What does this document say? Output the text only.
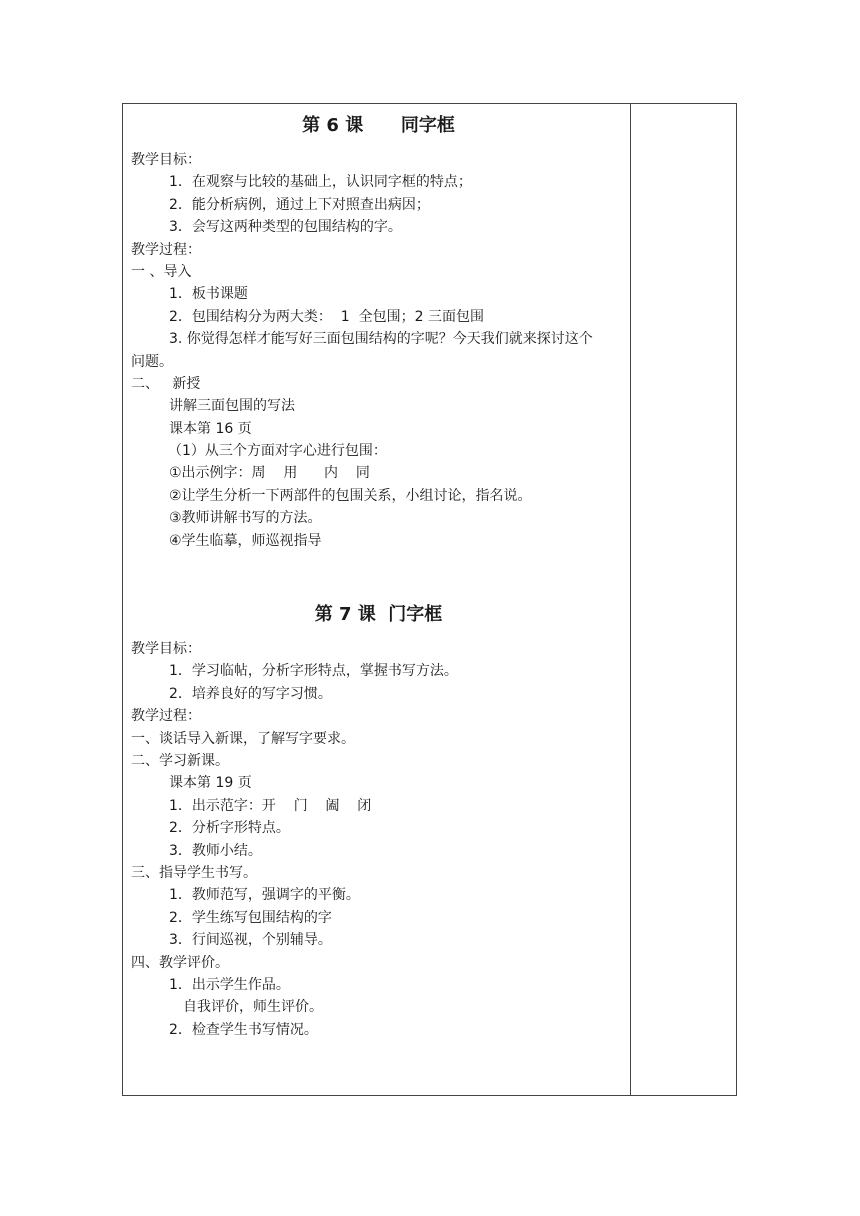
第 6 课      同字框
教学目标：
1．在观察与比较的基础上，认识同字框的特点；
2．能分析病例，通过上下对照查出病因；
3．会写这两种类型的包围结构的字。
教学过程：
一 、导入
1．板书课题
2．包围结构分为两大类：  1  全包围；2 三面包围
3. 你觉得怎样才能写好三面包围结构的字呢？今天我们就来探讨这个
问题。
二、   新授
讲解三面包围的写法
课本第 16 页
（1）从三个方面对字心进行包围：
①出示例字：周    用      内    同
②让学生分析一下两部件的包围关系，小组讨论，指名说。
③教师讲解书写的方法。
④学生临摹，师巡视指导
第 7 课  门字框
教学目标：
1．学习临帖，分析字形特点，掌握书写方法。
2．培养良好的写字习惯。
教学过程：
一、谈话导入新课，了解写字要求。
二、学习新课。
课本第 19 页
1．出示范字：开    门    阖    闭
2．分析字形特点。
3．教师小结。
三、指导学生书写。
1．教师范写，强调字的平衡。
2．学生练写包围结构的字
3．行间巡视，个别辅导。
四、教学评价。
1．出示学生作品。
自我评价，师生评价。
2．检查学生书写情况。
